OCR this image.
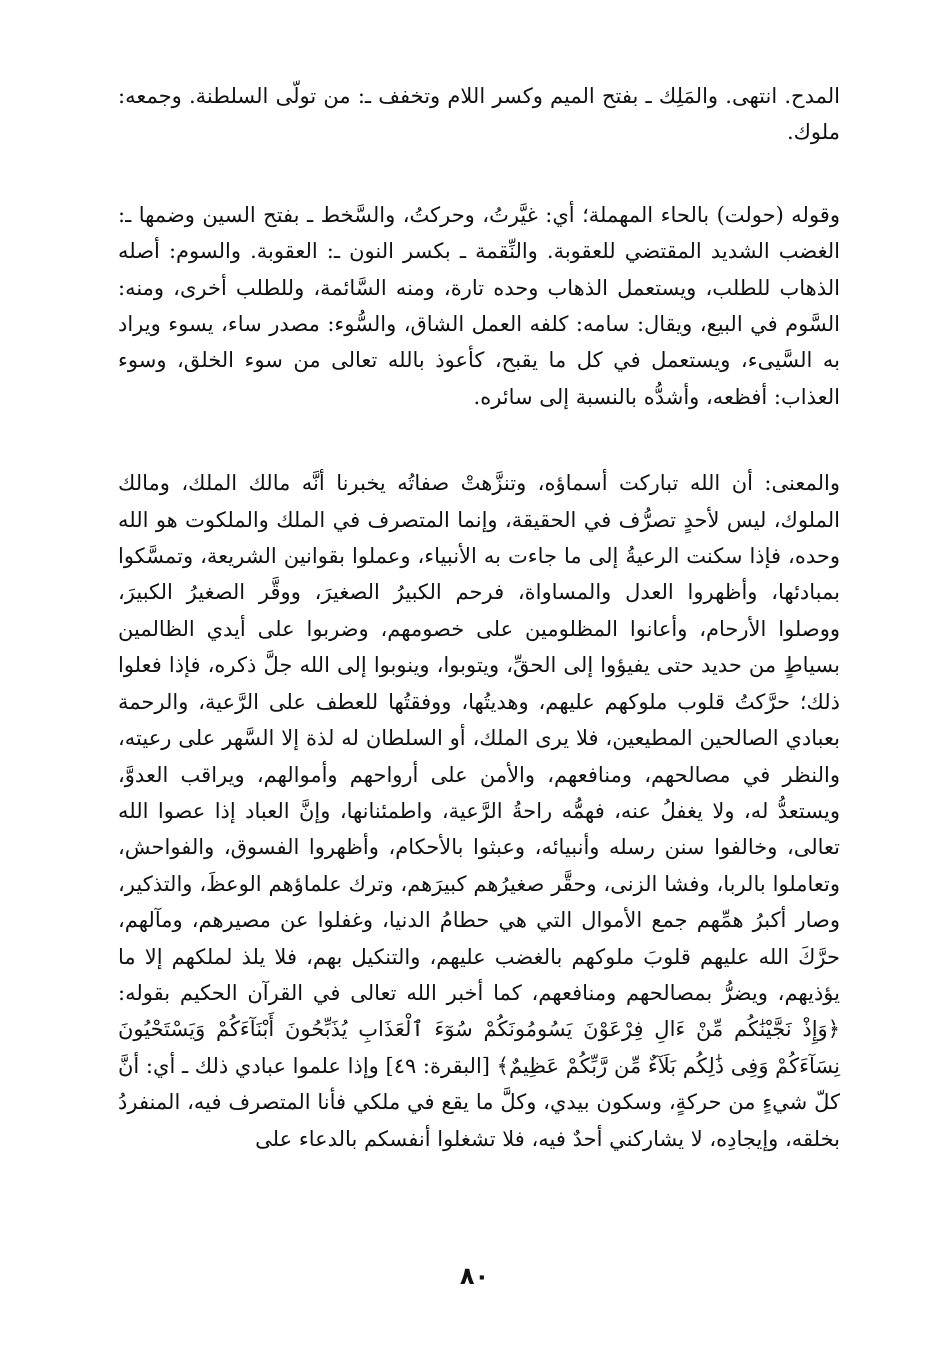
المدح. انتهى. والمَلِك ـ بفتح الميم وكسر اللام وتخفف ـ: من تولّى السلطنة. وجمعه: ملوك.

وقوله (حولت) بالحاء المهملة؛ أي: غيَّرتُ، وحركتُ، والسَّخط ـ بفتح السين وضمها ـ: الغضب الشديد المقتضي للعقوبة. والنِّقمة ـ بكسر النون ـ: العقوبة. والسوم: أصله الذهاب للطلب، ويستعمل الذهاب وحده تارة، ومنه السَّائمة، وللطلب أخرى، ومنه: السَّوم في البيع، ويقال: سامه: كلفه العمل الشاق، والسُّوء: مصدر ساء، يسوء ويراد به السَّيىء، ويستعمل في كل ما يقبح، كأعوذ بالله تعالى من سوء الخلق، وسوء العذاب: أفظعه، وأشدُّه بالنسبة إلى سائره.

والمعنى: أن الله تباركت أسماؤه، وتنزَّهتْ صفاتُه يخبرنا أنَّه مالك الملك، ومالك الملوك، ليس لأحدٍ تصرُّف في الحقيقة، وإنما المتصرف في الملك والملكوت هو الله وحده، فإذا سكنت الرعيةُ إلى ما جاءت به الأنبياء، وعملوا بقوانين الشريعة، وتمسَّكوا بمبادئها، وأظهروا العدل والمساواة، فرحم الكبيرُ الصغيرَ، ووقَّر الصغيرُ الكبيرَ، ووصلوا الأرحام، وأعانوا المظلومين على خصومهم، وضربوا على أيدي الظالمين بسياطٍ من حديد حتى يفيؤوا إلى الحقِّ، ويتوبوا، وينوبوا إلى الله جلَّ ذكره، فإذا فعلوا ذلك؛ حرَّكتُ قلوب ملوكهم عليهم، وهديتُها، ووفقتُها للعطف على الرَّعية، والرحمة بعبادي الصالحين المطيعين، فلا يرى الملك، أو السلطان له لذة إلا السَّهر على رعيته، والنظر في مصالحهم، ومنافعهم، والأمن على أرواحهم وأموالهم، ويراقب العدوَّ، ويستعدُّ له، ولا يغفلُ عنه، فهمُّه راحةُ الرَّعية، واطمئنانها، وإنَّ العباد إذا عصوا الله تعالى، وخالفوا سنن رسله وأنبيائه، وعبثوا بالأحكام، وأظهروا الفسوق، والفواحش، وتعاملوا بالربا، وفشا الزنى، وحقَّر صغيرُهم كبيرَهم، وترك علماؤهم الوعظَ، والتذكير، وصار أكبرُ همِّهم جمع الأموال التي هي حطامُ الدنيا، وغفلوا عن مصيرهم، ومآلهم، حرَّكَ الله عليهم قلوبَ ملوكهم بالغضب عليهم، والتنكيل بهم، فلا يلذ لملكهم إلا ما يؤذيهم، ويضرُّ بمصالحهم ومنافعهم، كما أخبر الله تعالى في القرآن الحكيم بقوله: ﴿وَإِذْ نَجَّيْنَٰكُم مِّنْ ءَالِ فِرْعَوْنَ يَسُومُونَكُمْ سُوٓءَ ٱلْعَذَابِ يُذَبِّحُونَ أَبْنَآءَكُمْ وَيَسْتَحْيُونَ نِسَآءَكُمْ وَفِى ذَٰلِكُم بَلَآءٌ مِّن رَّبِّكُمْ عَظِيمٌ﴾ [البقرة: ٤٩] وإذا علموا عبادي ذلك ـ أي: أنَّ كلّ شيءٍ من حركةٍ، وسكون بيدي، وكلَّ ما يقع في ملكي فأنا المتصرف فيه، المنفردُ بخلقه، وإيجادِه، لا يشاركني أحدٌ فيه، فلا تشغلوا أنفسكم بالدعاء على

٨٠
